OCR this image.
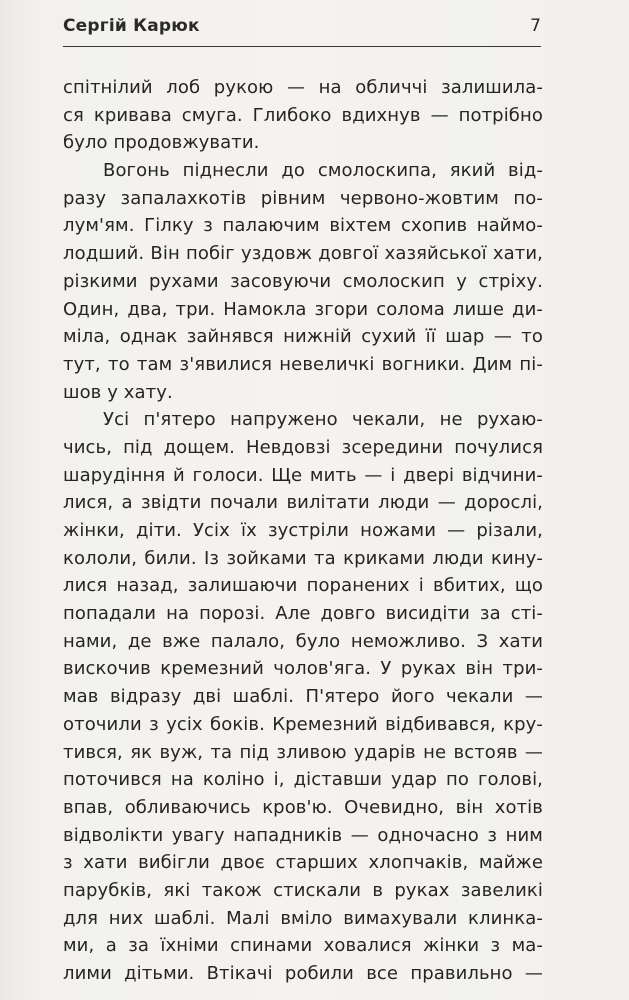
Сергій Карюк	7
спітнілий лоб рукою — на обличчі залишила-
ся кривава смуга. Глибоко вдихнув — потрібно
було продовжувати.
Вогонь піднесли до смолоскипа, який від-
разу запалахкотів рівним червоно-жовтим по-
лум'ям. Гілку з палаючим віхтем схопив наймо-
лодший. Він побіг уздовж довгої хазяйської хати,
різкими рухами засовуючи смолоскип у стріху.
Один, два, три. Намокла згори солома лише ди-
міла, однак зайнявся нижній сухий її шар — то
тут, то там з'явилися невеличкі вогники. Дим пі-
шов у хату.
Усі п'ятеро напружено чекали, не рухаю-
чись, під дощем. Невдовзі зсередини почулися
шарудіння й голоси. Ще мить — і двері відчини-
лися, а звідти почали вилітати люди — дорослі,
жінки, діти. Усіх їх зустріли ножами — різали,
кололи, били. Із зойками та криками люди кину-
лися назад, залишаючи поранених і вбитих, що
попадали на порозі. Але довго висидіти за сті-
нами, де вже палало, було неможливо. З хати
вискочив кремезний чолов'яга. У руках він три-
мав відразу дві шаблі. П'ятеро його чекали —
оточили з усіх боків. Кремезний відбивався, кру-
тився, як вуж, та під зливою ударів не встояв —
поточився на коліно і, діставши удар по голові,
впав, обливаючись кров'ю. Очевидно, він хотів
відволікти увагу нападників — одночасно з ним
з хати вибігли двоє старших хлопчаків, майже
парубків, які також стискали в руках завеликі
для них шаблі. Малі вміло вимахували клинка-
ми, а за їхніми спинами ховалися жінки з ма-
лими дітьми. Втікачі робили все правильно —
